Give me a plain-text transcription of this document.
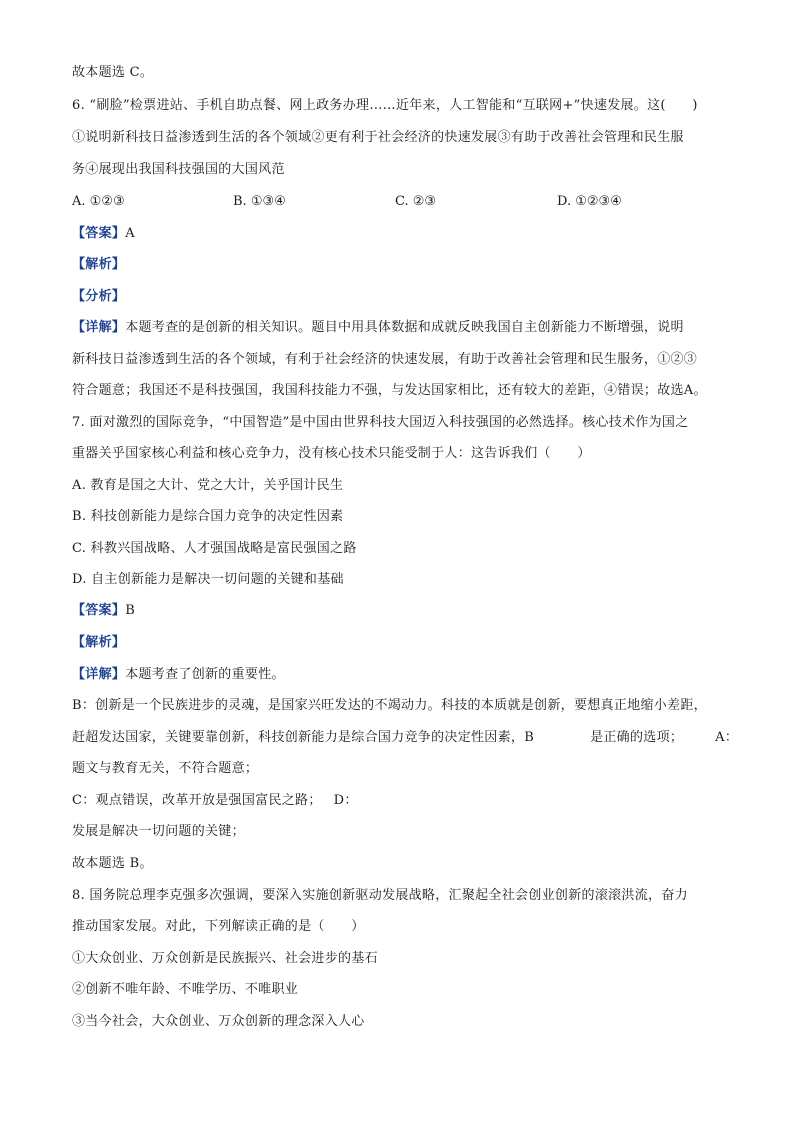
故本题选 C。
6. “刷脸”检票进站、手机自助点餐、网上政务办理……近年来，人工智能和“互联网+”快速发展。这(　　)
①说明新科技日益渗透到生活的各个领域②更有利于社会经济的快速发展③有助于改善社会管理和民生服
务④展现出我国科技强国的大国风范
A. ①②③	B. ①③④	C. ②③	D. ①②③④
【答案】A
【解析】
【分析】
【详解】本题考查的是创新的相关知识。题目中用具体数据和成就反映我国自主创新能力不断增强，说明
新科技日益渗透到生活的各个领域，有利于社会经济的快速发展，有助于改善社会管理和民生服务，①②③
符合题意；我国还不是科技强国，我国科技能力不强，与发达国家相比，还有较大的差距，④错误；故选A。
7. 面对激烈的国际竞争，“中国智造”是中国由世界科技大国迈入科技强国的必然选择。核心技术作为国之
重器关乎国家核心利益和核心竞争力，没有核心技术只能受制于人：这告诉我们（　　）
A. 教育是国之大计、党之大计，关乎国计民生
B. 科技创新能力是综合国力竞争的决定性因素
C. 科教兴国战略、人才强国战略是富民强国之路
D. 自主创新能力是解决一切问题的关键和基础
【答案】B
【解析】
【详解】本题考查了创新的重要性。
B：创新是一个民族进步的灵魂，是国家兴旺发达的不竭动力。科技的本质就是创新，要想真正地缩小差距，
赶超发达国家，关键要靠创新，科技创新能力是综合国力竞争的决定性因素，B	是正确的选项； A：
题文与教育无关，不符合题意；
C：观点错误，改革开放是强国富民之路； D：
发展是解决一切问题的关键；
故本题选 B。
8. 国务院总理李克强多次强调，要深入实施创新驱动发展战略，汇聚起全社会创业创新的滚滚洪流，奋力
推动国家发展。对此，下列解读正确的是（　　）
①大众创业、万众创新是民族振兴、社会进步的基石
②创新不唯年龄、不唯学历、不唯职业
③当今社会，大众创业、万众创新的理念深入人心
